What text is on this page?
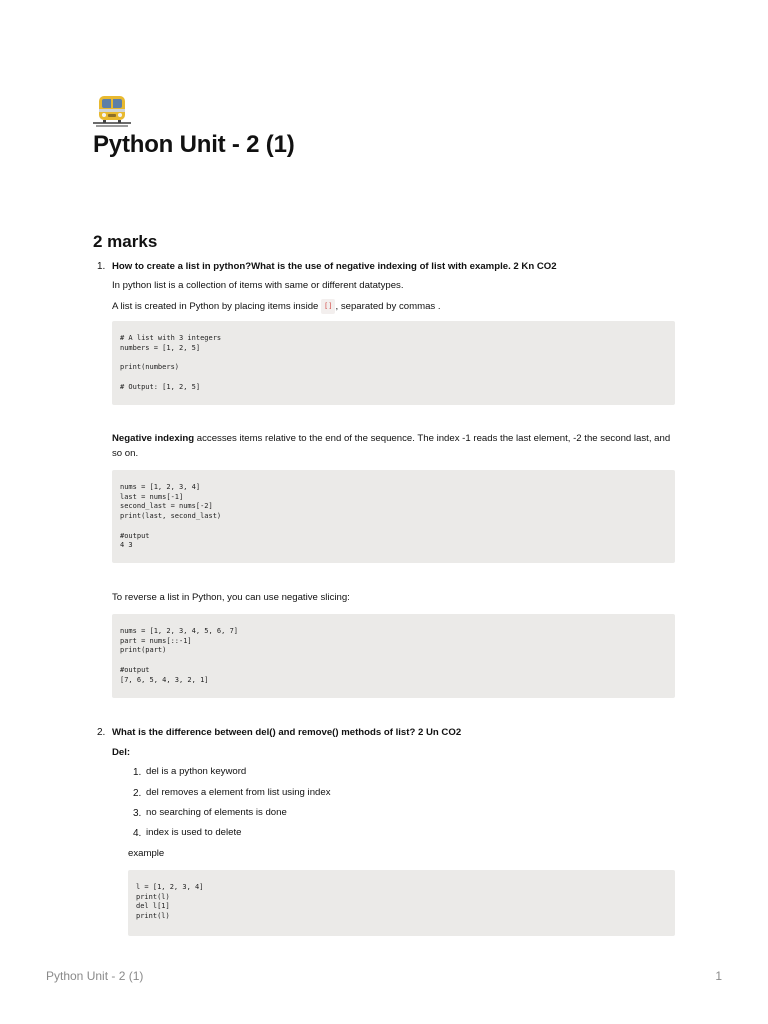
Python Unit - 2 (1)
2 marks
1. How to create a list in python?What is the use of negative indexing of list with example. 2 Kn CO2
In python list is a collection of items with same or different datatypes.
A list is created in Python by placing items inside [] , separated by commas .
# A list with 3 integers
numbers = [1, 2, 5]

print(numbers)

# Output: [1, 2, 5]
Negative indexing accesses items relative to the end of the sequence. The index -1 reads the last element, -2 the second last, and so on.
nums = [1, 2, 3, 4]
last = nums[-1]
second_last = nums[-2]
print(last, second_last)

#output
4 3
To reverse a list in Python, you can use negative slicing:
nums = [1, 2, 3, 4, 5, 6, 7]
part = nums[::-1]
print(part)

#output
[7, 6, 5, 4, 3, 2, 1]
2. What is the difference between del() and remove() methods of list? 2 Un CO2
Del:
1. del is a python keyword
2. del removes a element from list using index
3. no searching of elements is done
4. index is used to delete
example
l = [1, 2, 3, 4]
print(l)
del l[1]
print(l)
Python Unit - 2 (1)	1
